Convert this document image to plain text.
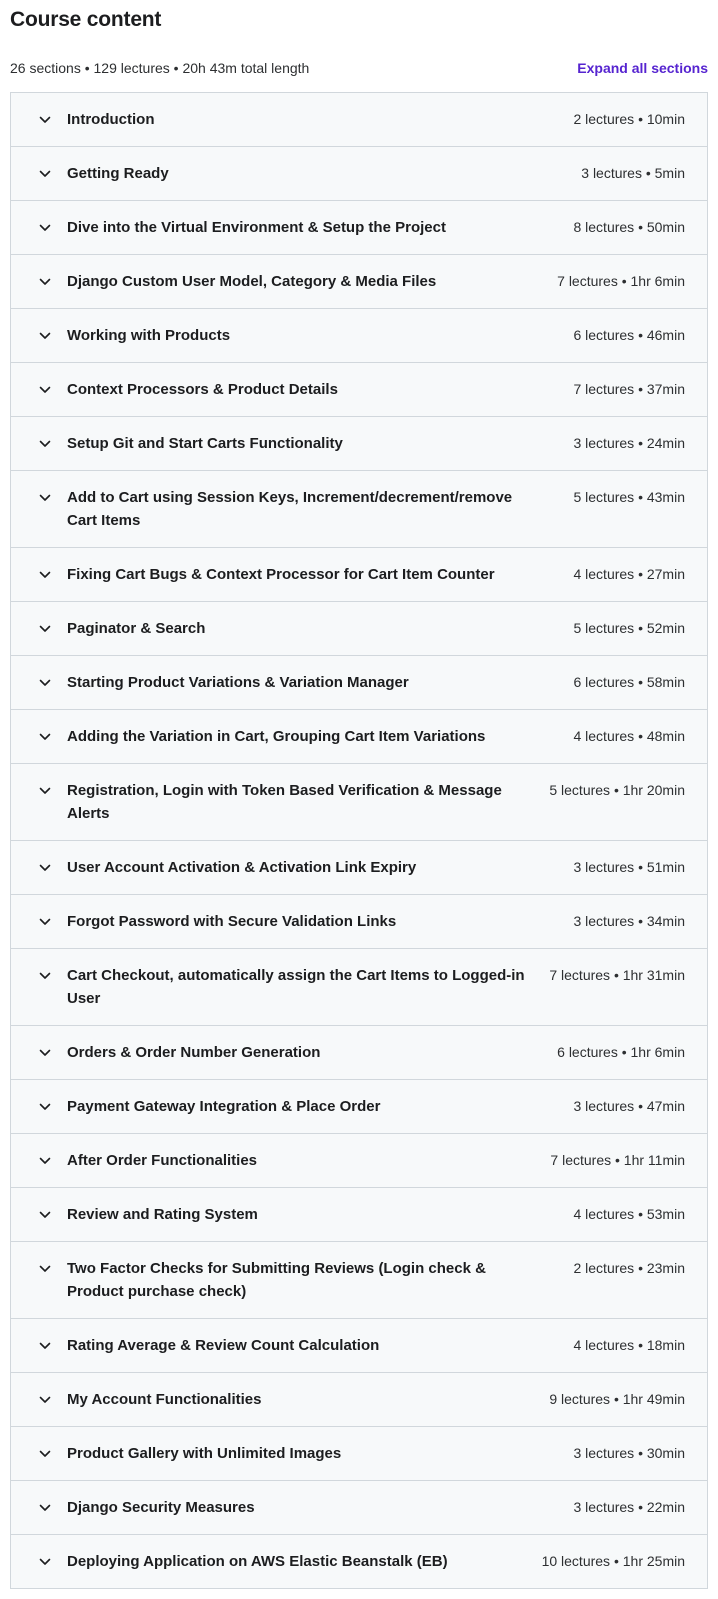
Course content
26 sections • 129 lectures • 20h 43m total length	Expand all sections
Introduction	2 lectures • 10min
Getting Ready	3 lectures • 5min
Dive into the Virtual Environment & Setup the Project	8 lectures • 50min
Django Custom User Model, Category & Media Files	7 lectures • 1hr 6min
Working with Products	6 lectures • 46min
Context Processors & Product Details	7 lectures • 37min
Setup Git and Start Carts Functionality	3 lectures • 24min
Add to Cart using Session Keys, Increment/decrement/remove Cart Items
5 lectures • 43min
Fixing Cart Bugs & Context Processor for Cart Item Counter	4 lectures • 27min
Paginator & Search	5 lectures • 52min
Starting Product Variations & Variation Manager	6 lectures • 58min
Adding the Variation in Cart, Grouping Cart Item Variations	4 lectures • 48min
Registration, Login with Token Based Verification & Message Alerts
5 lectures • 1hr 20min
User Account Activation & Activation Link Expiry	3 lectures • 51min
Forgot Password with Secure Validation Links	3 lectures • 34min
Cart Checkout, automatically assign the Cart Items to Logged-in User
7 lectures • 1hr 31min
Orders & Order Number Generation	6 lectures • 1hr 6min
Payment Gateway Integration & Place Order	3 lectures • 47min
After Order Functionalities	7 lectures • 1hr 11min
Review and Rating System	4 lectures • 53min
Two Factor Checks for Submitting Reviews (Login check & Product purchase check)
2 lectures • 23min
Rating Average & Review Count Calculation	4 lectures • 18min
My Account Functionalities	9 lectures • 1hr 49min
Product Gallery with Unlimited Images	3 lectures • 30min
Django Security Measures	3 lectures • 22min
Deploying Application on AWS Elastic Beanstalk (EB)	10 lectures • 1hr 25min
